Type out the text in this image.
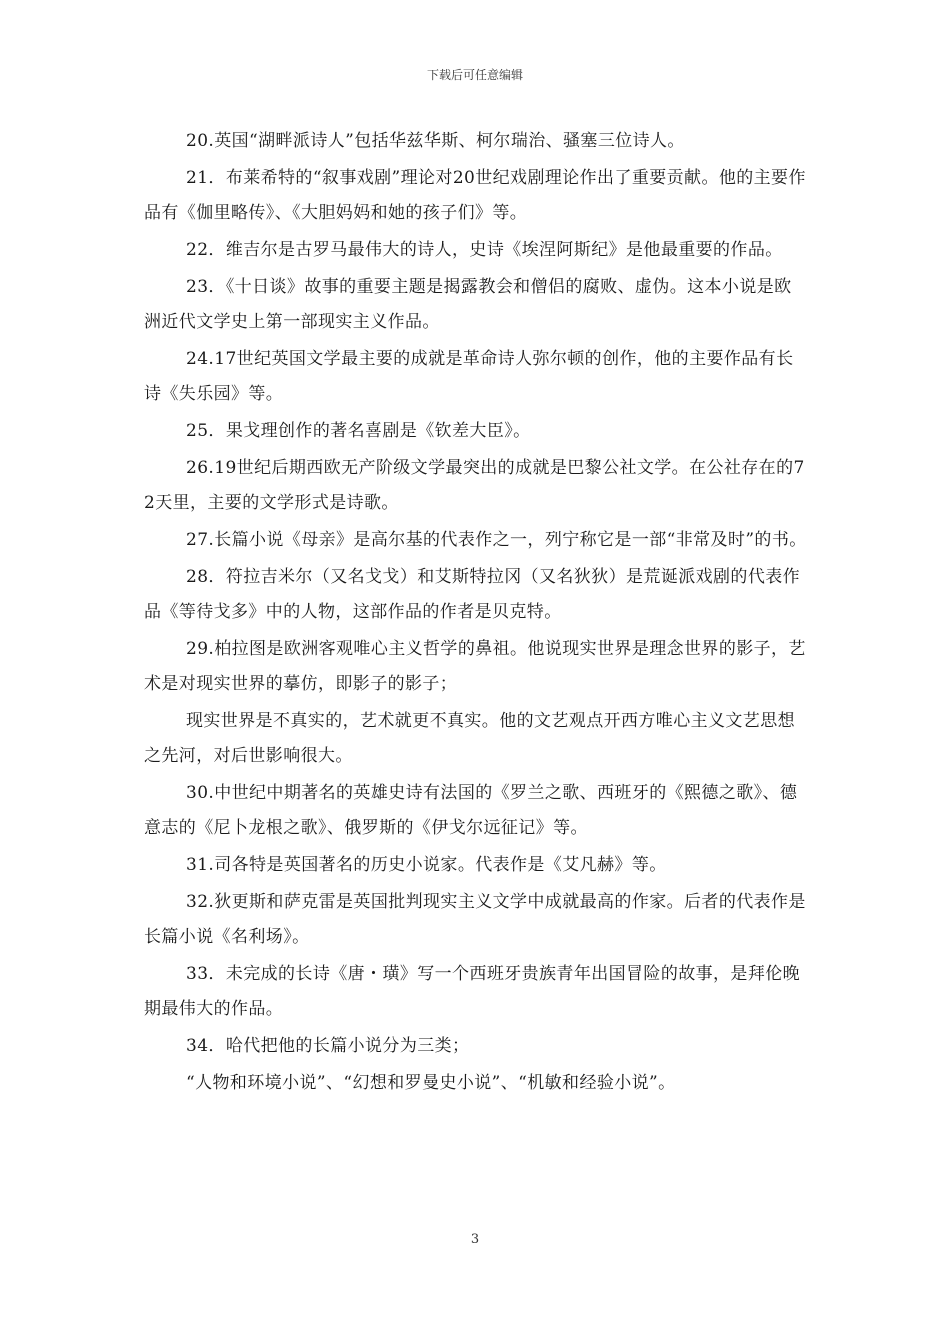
下载后可任意编辑

20.英国“湖畔派诗人”包括华兹华斯、柯尔瑞治、骚塞三位诗人。

21．布莱希特的“叙事戏剧”理论对20世纪戏剧理论作出了重要贡献。他的主要作品有《伽里略传》、《大胆妈妈和她的孩子们》等。

22．维吉尔是古罗马最伟大的诗人，史诗《埃涅阿斯纪》是他最重要的作品。

23．《十日谈》故事的重要主题是揭露教会和僧侣的腐败、虚伪。这本小说是欧洲近代文学史上第一部现实主义作品。

24.17世纪英国文学最主要的成就是革命诗人弥尔顿的创作，他的主要作品有长诗《失乐园》等。

25．果戈理创作的著名喜剧是《钦差大臣》。

26.19世纪后期西欧无产阶级文学最突出的成就是巴黎公社文学。在公社存在的72天里，主要的文学形式是诗歌。

27.长篇小说《母亲》是高尔基的代表作之一，列宁称它是一部“非常及时”的书。

28．符拉吉米尔（又名戈戈）和艾斯特拉冈（又名狄狄）是荒诞派戏剧的代表作品《等待戈多》中的人物，这部作品的作者是贝克特。

29.柏拉图是欧洲客观唯心主义哲学的鼻祖。他说现实世界是理念世界的影子，艺术是对现实世界的摹仿，即影子的影子；

现实世界是不真实的，艺术就更不真实。他的文艺观点开西方唯心主义文艺思想之先河，对后世影响很大。

30.中世纪中期著名的英雄史诗有法国的《罗兰之歌、西班牙的《熙德之歌》、德意志的《尼卜龙根之歌》、俄罗斯的《伊戈尔远征记》等。

31.司各特是英国著名的历史小说家。代表作是《艾凡赫》等。

32.狄更斯和萨克雷是英国批判现实主义文学中成就最高的作家。后者的代表作是长篇小说《名利场》。

33．未完成的长诗《唐・璜》写一个西班牙贵族青年出国冒险的故事，是拜伦晚期最伟大的作品。

34．哈代把他的长篇小说分为三类；

“人物和环境小说”、“幻想和罗曼史小说”、“机敏和经验小说”。

3
